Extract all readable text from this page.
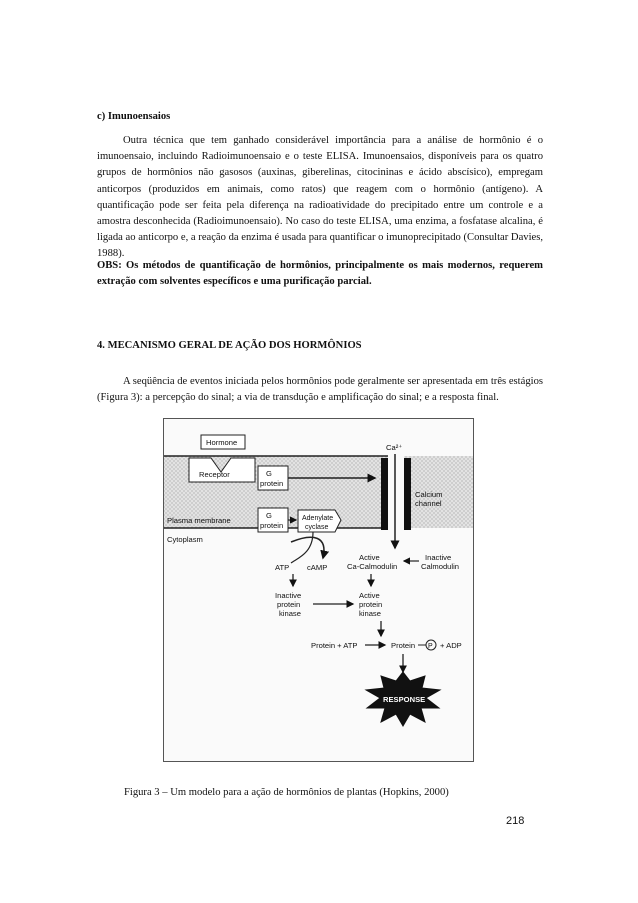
c) Imunoensaios
Outra técnica que tem ganhado considerável importância para a análise de hormônio é o imunoensaio, incluindo Radioimunoensaio e o teste ELISA. Imunoensaios, disponíveis para os quatro grupos de hormônios não gasosos (auxinas, giberelinas, citocininas e ácido abscísico), empregam anticorpos (produzidos em animais, como ratos) que reagem com o hormônio (antígeno). A quantificação pode ser feita pela diferença na radioatividade do precipitado entre um controle e a amostra desconhecida (Radioimunoensaio). No caso do teste ELISA, uma enzima, a fosfatase alcalina, é ligada ao anticorpo e, a reação da enzima é usada para quantificar o imunoprecipitado (Consultar Davies, 1988).
OBS: Os métodos de quantificação de hormônios, principalmente os mais modernos, requerem extração com solventes específicos e uma purificação parcial.
4. MECANISMO GERAL DE AÇÃO DOS HORMÔNIOS
A seqüência de eventos iniciada pelos hormônios pode geralmente ser apresentada em três estágios (Figura 3): a percepção do sinal; a via de transdução e amplificação do sinal; e a resposta final.
Hormone
Receptor	G
protein
G
protein
Adenylate
cyclase
Ca²⁺
Calcium
channel
Plasma membrane
Cytoplasm
ATP cAMP
Active
Ca-Calmodulin
Inactive
Calmodulin
Inactive
protein
kinase
Active
protein
kinase
Protein + ATP	Protein P + ADP
RESPONSE
Figura 3 – Um modelo para a ação de hormônios de plantas (Hopkins, 2000)
218
